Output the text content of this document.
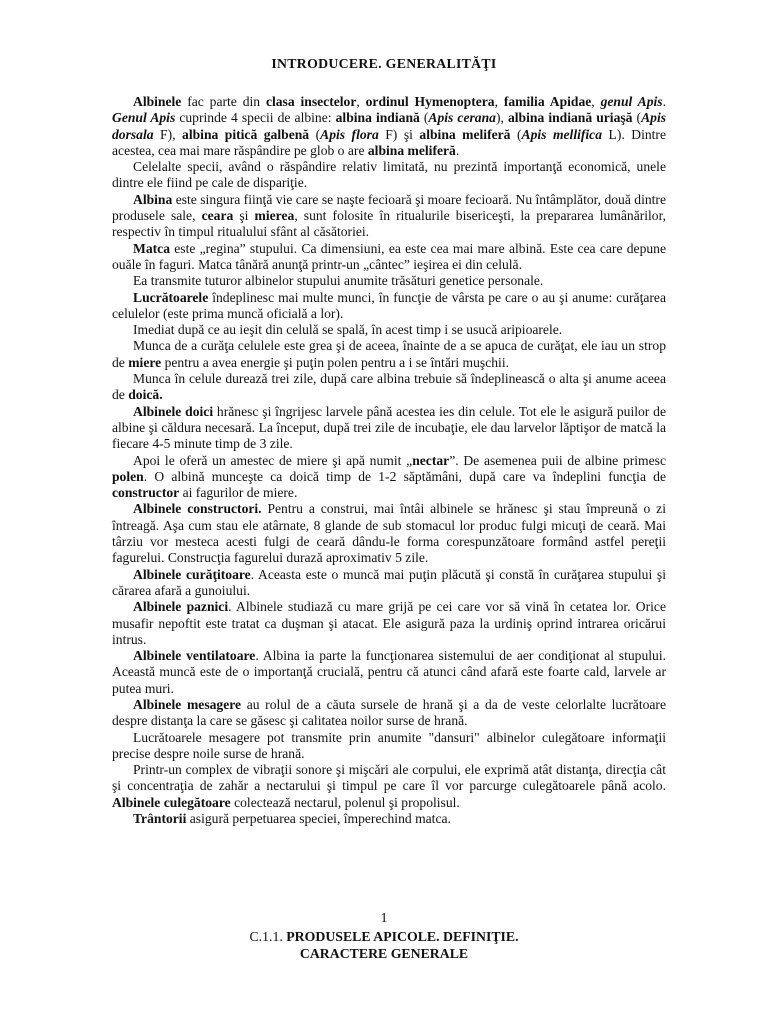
INTRODUCERE. GENERALITĂŢI

Albinele fac parte din clasa insectelor, ordinul Hymenoptera, familia Apidae, genul Apis. Genul Apis cuprinde 4 specii de albine: albina indiană (Apis cerana), albina indiană uriaşă (Apis dorsala F), albina pitică galbenă (Apis flora F) şi albina meliferă (Apis mellifica L). Dintre acestea, cea mai mare răspândire pe glob o are albina meliferă.

Celelalte specii, având o răspândire relativ limitată, nu prezintă importanţă economică, unele dintre ele fiind pe cale de dispariţie.

Albina este singura fiinţă vie care se naşte fecioară şi moare fecioară. Nu întâmplător, două dintre produsele sale, ceara şi mierea, sunt folosite în ritualurile bisericeşti, la prepararea lumânărilor, respectiv în timpul ritualului sfânt al căsătoriei.

Matca este „regina” stupului. Ca dimensiuni, ea este cea mai mare albină. Este cea care depune ouăle în faguri. Matca tânără anunţă printr-un „cântec” ieşirea ei din celulă.

Ea transmite tuturor albinelor stupului anumite trăsături genetice personale.

Lucrătoarele îndeplinesc mai multe munci, în funcţie de vârsta pe care o au şi anume: curăţarea celulelor (este prima muncă oficială a lor).

Imediat după ce au ieşit din celulă se spală, în acest timp i se usucă aripioarele.

Munca de a curăţa celulele este grea şi de aceea, înainte de a se apuca de curăţat, ele iau un strop de miere pentru a avea energie şi puţin polen pentru a i se întări muşchii.

Munca în celule durează trei zile, după care albina trebuie să îndeplinească o alta şi anume aceea de doică.

Albinele doici hrănesc şi îngrijesc larvele până acestea ies din celule. Tot ele le asigură puilor de albine şi căldura necesară. La început, după trei zile de incubaţie, ele dau larvelor lăptişor de matcă la fiecare 4-5 minute timp de 3 zile.

Apoi le oferă un amestec de miere şi apă numit „nectar”. De asemenea puii de albine primesc polen. O albină munceşte ca doică timp de 1-2 săptămâni, după care va îndeplini funcţia de constructor ai fagurilor de miere.

Albinele constructori. Pentru a construi, mai întâi albinele se hrănesc şi stau împreună o zi întreagă. Aşa cum stau ele atârnate, 8 glande de sub stomacul lor produc fulgi micuţi de ceară. Mai târziu vor mesteca acesti fulgi de ceară dându-le forma corespunzătoare formând astfel pereţii fagurelui. Construcţia fagurelui durază aproximativ 5 zile.

Albinele curăţitoare. Aceasta este o muncă mai puţin plăcută şi constă în curăţarea stupului şi cărarea afară a gunoiului.

Albinele paznici. Albinele studiază cu mare grijă pe cei care vor să vină în cetatea lor. Orice musafir nepoftit este tratat ca duşman şi atacat. Ele asigură paza la urdiniş oprind intrarea oricărui intrus.

Albinele ventilatoare. Albina ia parte la funcţionarea sistemului de aer condiţionat al stupului. Această muncă este de o importanţă crucială, pentru că atunci când afară este foarte cald, larvele ar putea muri.

Albinele mesagere au rolul de a căuta sursele de hrană şi a da de veste celorlalte lucrătoare despre distanţa la care se găsesc şi calitatea noilor surse de hrană.

Lucrătoarele mesagere pot transmite prin anumite "dansuri" albinelor culegătoare informaţii precise despre noile surse de hrană.

Printr-un complex de vibraţii sonore şi mişcări ale corpului, ele exprimă atât distanţa, direcţia cât şi concentraţia de zahăr a nectarului şi timpul pe care îl vor parcurge culegătoarele până acolo. Albinele culegătoare colectează nectarul, polenul şi propolisul.

Trântorii asigură perpetuarea speciei, împerechind matca.

1
C.1.1. PRODUSELE APICOLE. DEFINIŢIE.
CARACTERE GENERALE
